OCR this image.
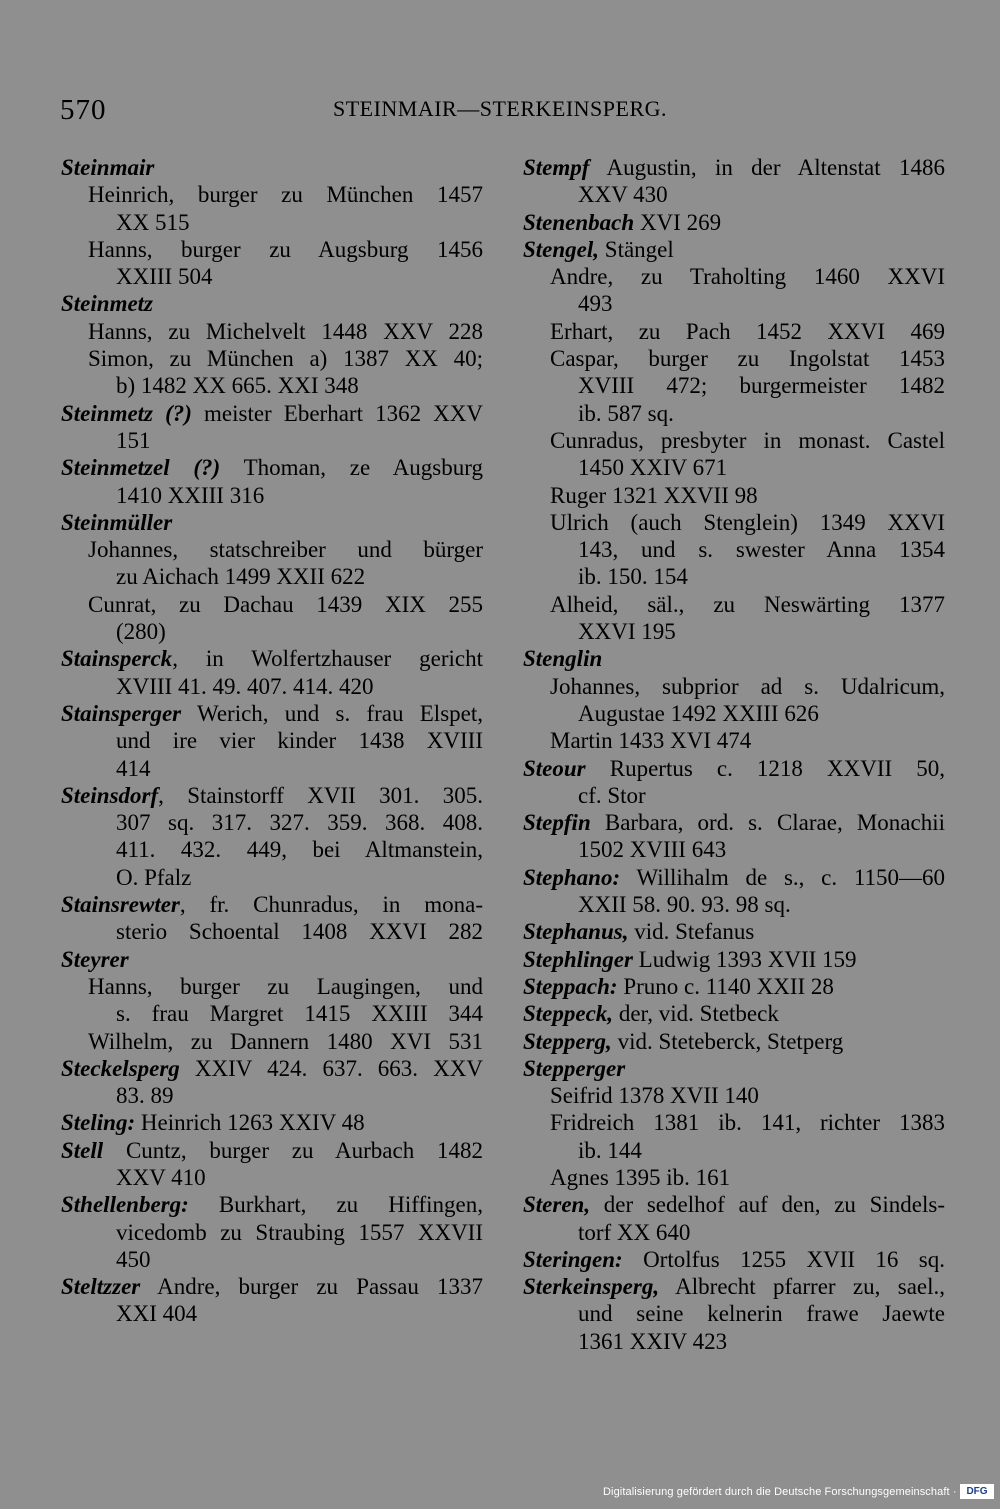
570	STEINMAIR—STERKEINSPERG.
Steinmair
Heinrich, burger zu München 1457
XX 515
Hanns, burger zu Augsburg 1456
XXIII 504
Steinmetz
Hanns, zu Michelvelt 1448 XXV 228
Simon, zu München a) 1387 XX 40;
b) 1482 XX 665. XXI 348
Steinmetz (?) meister Eberhart 1362 XXV
151
Steinmetzel (?) Thoman, ze Augsburg
1410 XXIII 316
Steinmüller
Johannes, statschreiber und bürger
zu Aichach 1499 XXII 622
Cunrat, zu Dachau 1439 XIX 255
(280)
Stainsperck, in Wolfertzhauser gericht
XVIII 41. 49. 407. 414. 420
Stainsperger Werich, und s. frau Elspet,
und ire vier kinder 1438 XVIII
414
Steinsdorf, Stainstorff XVII 301. 305.
307 sq. 317. 327. 359. 368. 408.
411. 432. 449, bei Altmanstein,
O. Pfalz
Stainsrewter, fr. Chunradus, in mona-
sterio Schoental 1408 XXVI 282
Steyrer
Hanns, burger zu Laugingen, und
s. frau Margret 1415 XXIII 344
Wilhelm, zu Dannern 1480 XVI 531
Steckelsperg XXIV 424. 637. 663. XXV
83. 89
Steling: Heinrich 1263 XXIV 48
Stell Cuntz, burger zu Aurbach 1482
XXV 410
Sthellenberg: Burkhart, zu Hiffingen,
vicedomb zu Straubing 1557 XXVII
450
Steltzzer Andre, burger zu Passau 1337
XXI 404
Stempf Augustin, in der Altenstat 1486
XXV 430
Stenenbach XVI 269
Stengel, Stängel
Andre, zu Traholting 1460 XXVI
493
Erhart, zu Pach 1452 XXVI 469
Caspar, burger zu Ingolstat 1453
XVIII 472; burgermeister 1482
ib. 587 sq.
Cunradus, presbyter in monast. Castel
1450 XXIV 671
Ruger 1321 XXVII 98
Ulrich (auch Stenglein) 1349 XXVI
143, und s. swester Anna 1354
ib. 150. 154
Alheid, säl., zu Neswärting 1377
XXVI 195
Stenglin
Johannes, subprior ad s. Udalricum,
Augustae 1492 XXIII 626
Martin 1433 XVI 474
Steour Rupertus c. 1218 XXVII 50,
cf. Stor
Stepfin Barbara, ord. s. Clarae, Monachii
1502 XVIII 643
Stephano: Willihalm de s., c. 1150—60
XXII 58. 90. 93. 98 sq.
Stephanus, vid. Stefanus
Stephlinger Ludwig 1393 XVII 159
Steppach: Pruno c. 1140 XXII 28
Steppeck, der, vid. Stetbeck
Stepperg, vid. Steteberck, Stetperg
Stepperger
Seifrid 1378 XVII 140
Fridreich 1381 ib. 141, richter 1383
ib. 144
Agnes 1395 ib. 161
Steren, der sedelhof auf den, zu Sindels-
torf XX 640
Steringen: Ortolfus 1255 XVII 16 sq.
Sterkeinsperg, Albrecht pfarrer zu, sael.,
und seine kelnerin frawe Jaewte
1361 XXIV 423
Digitalisierung gefördert durch die Deutsche Forschungsgemeinschaft · DFG
